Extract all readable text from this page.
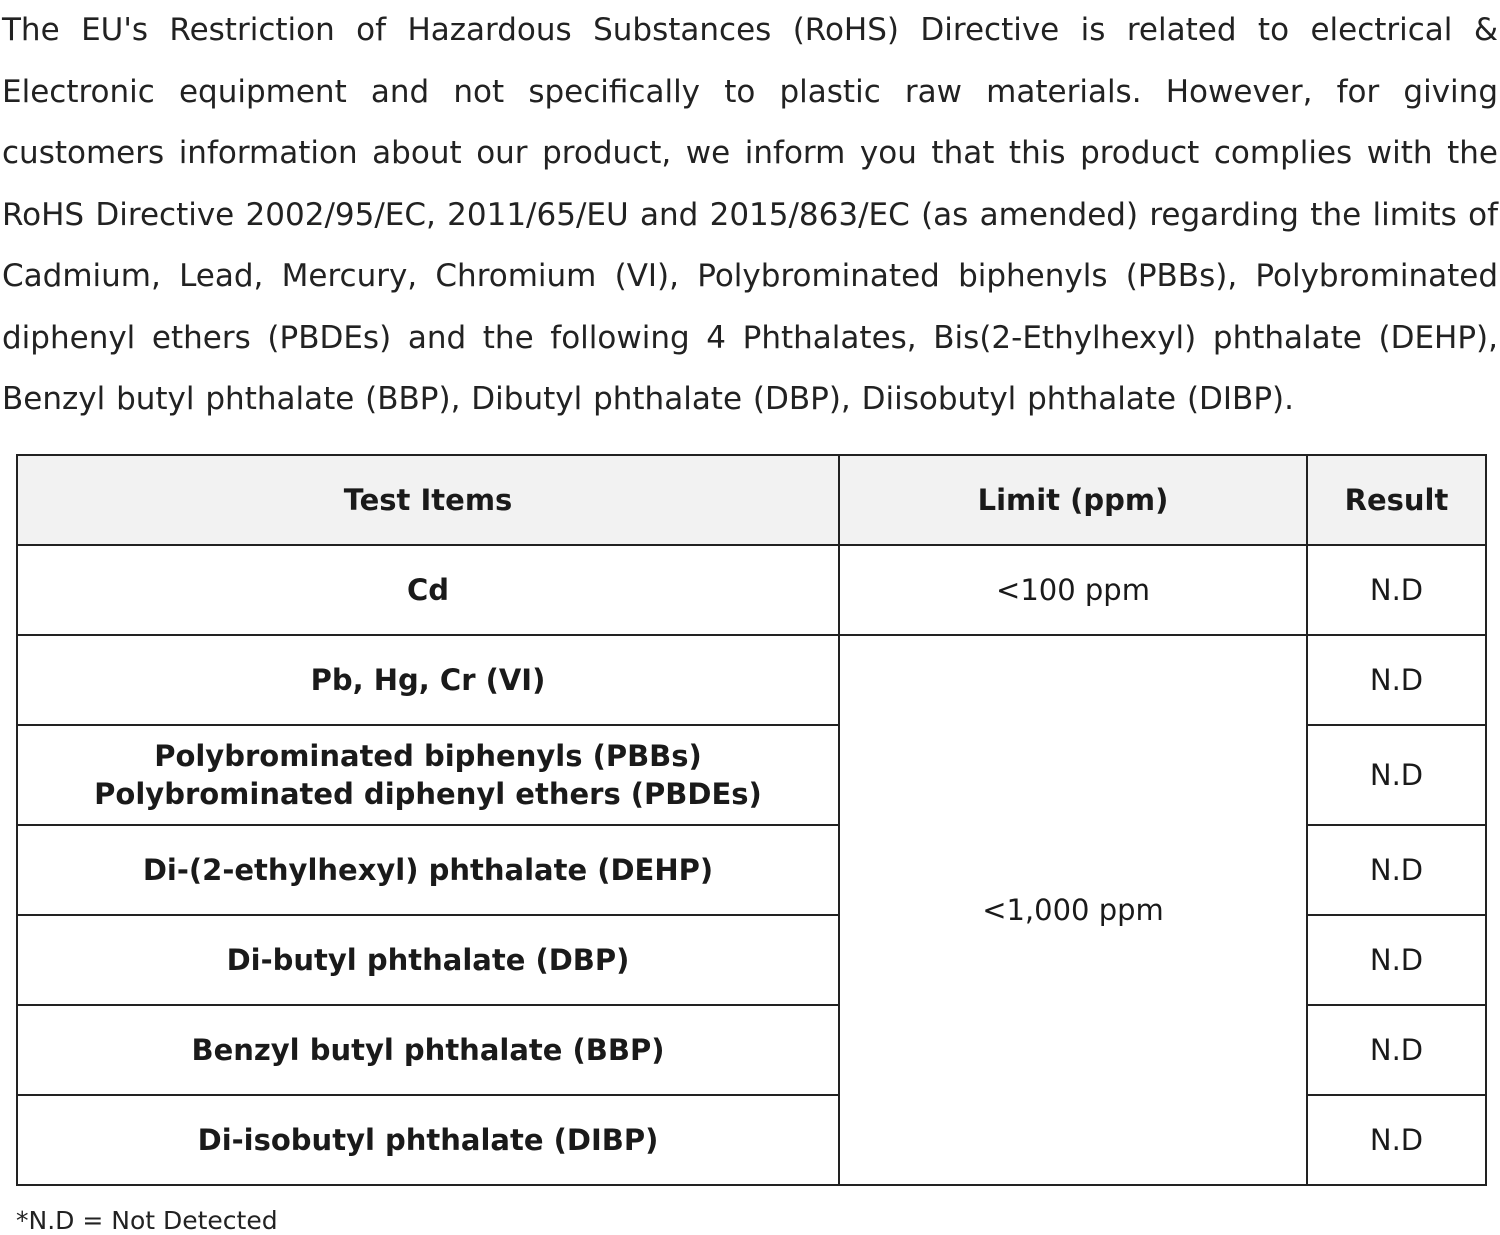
The EU's Restriction of Hazardous Substances (RoHS) Directive is related to electrical &
Electronic equipment and not specifically to plastic raw materials. However, for giving
customers information about our product, we inform you that this product complies with the
RoHS Directive 2002/95/EC, 2011/65/EU and 2015/863/EC (as amended) regarding the limits of
Cadmium, Lead, Mercury, Chromium (VI), Polybrominated biphenyls (PBBs), Polybrominated
diphenyl ethers (PBDEs) and the following 4 Phthalates, Bis(2-Ethylhexyl) phthalate (DEHP),
Benzyl butyl phthalate (BBP), Dibutyl phthalate (DBP), Diisobutyl phthalate (DIBP).
Test Items	Limit (ppm)	Result

Cd	<100 ppm	N.D

Pb, Hg, Cr (VI)	<1,000 ppm	N.D

Polybrominated biphenyls (PBBs)
Polybrominated diphenyl ethers (PBDEs)		N.D

Di-(2-ethylhexyl) phthalate (DEHP)		N.D

Di-butyl phthalate (DBP)		N.D

Benzyl butyl phthalate (BBP)		N.D

Di-isobutyl phthalate (DIBP)		N.D

*N.D = Not Detected
